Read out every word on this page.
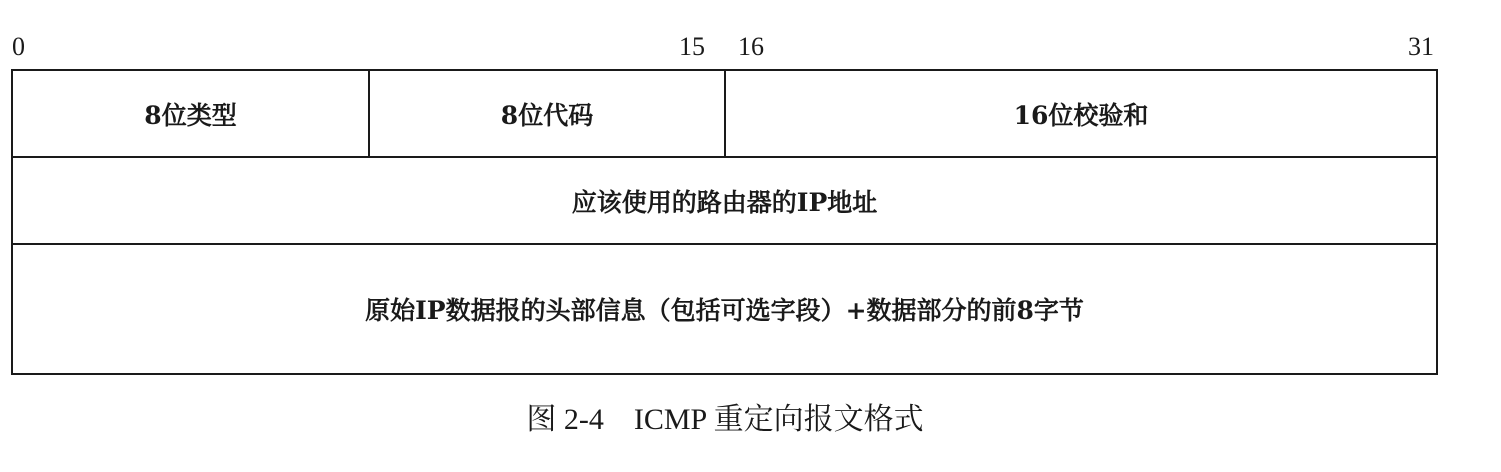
0	15 16	31
8位类型	8位代码	16位校验和
应该使用的路由器的IP地址
原始IP数据报的头部信息（包括可选字段）+数据部分的前8字节
图 2-4　ICMP 重定向报文格式
